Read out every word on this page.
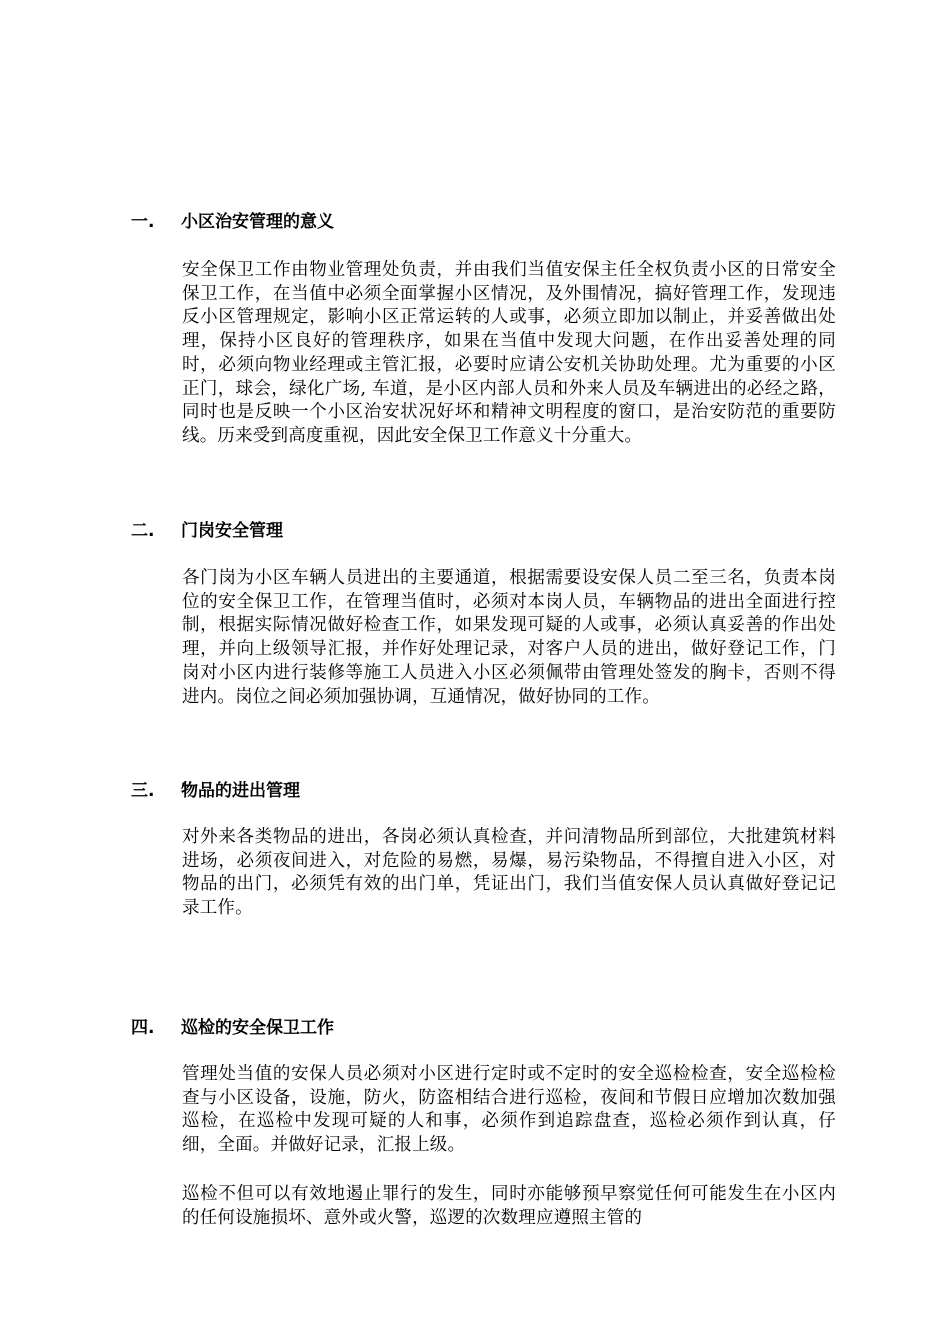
一. 小区治安管理的意义
安全保卫工作由物业管理处负责，并由我们当值安保主任全权负责小区的日常安全保卫工作，在当值中必须全面掌握小区情况，及外围情况，搞好管理工作，发现违反小区管理规定，影响小区正常运转的人或事，必须立即加以制止，并妥善做出处理，保持小区良好的管理秩序，如果在当值中发现大问题，在作出妥善处理的同时，必须向物业经理或主管汇报，必要时应请公安机关协助处理。尤为重要的小区正门，球会，绿化广场, 车道，是小区内部人员和外来人员及车辆进出的必经之路，同时也是反映一个小区治安状况好坏和精神文明程度的窗口，是治安防范的重要防线。历来受到高度重视，因此安全保卫工作意义十分重大。
二. 门岗安全管理
各门岗为小区车辆人员进出的主要通道，根据需要设安保人员二至三名，负责本岗位的安全保卫工作，在管理当值时，必须对本岗人员，车辆物品的进出全面进行控制，根据实际情况做好检查工作，如果发现可疑的人或事，必须认真妥善的作出处理，并向上级领导汇报，并作好处理记录，对客户人员的进出，做好登记工作，门岗对小区内进行装修等施工人员进入小区必须佩带由管理处签发的胸卡，否则不得进内。岗位之间必须加强协调，互通情况，做好协同的工作。
三. 物品的进出管理
对外来各类物品的进出，各岗必须认真检查，并问清物品所到部位，大批建筑材料进场，必须夜间进入，对危险的易燃，易爆，易污染物品，不得擅自进入小区，对物品的出门，必须凭有效的出门单，凭证出门，我们当值安保人员认真做好登记记录工作。
四. 巡检的安全保卫工作
管理处当值的安保人员必须对小区进行定时或不定时的安全巡检检查，安全巡检检查与小区设备，设施，防火，防盗相结合进行巡检，夜间和节假日应增加次数加强巡检，在巡检中发现可疑的人和事，必须作到追踪盘查，巡检必须作到认真，仔细，全面。并做好记录，汇报上级。
巡检不但可以有效地遏止罪行的发生，同时亦能够预早察觉任何可能发生在小区内的任何设施损坏、意外或火警，巡逻的次数理应遵照主管的
